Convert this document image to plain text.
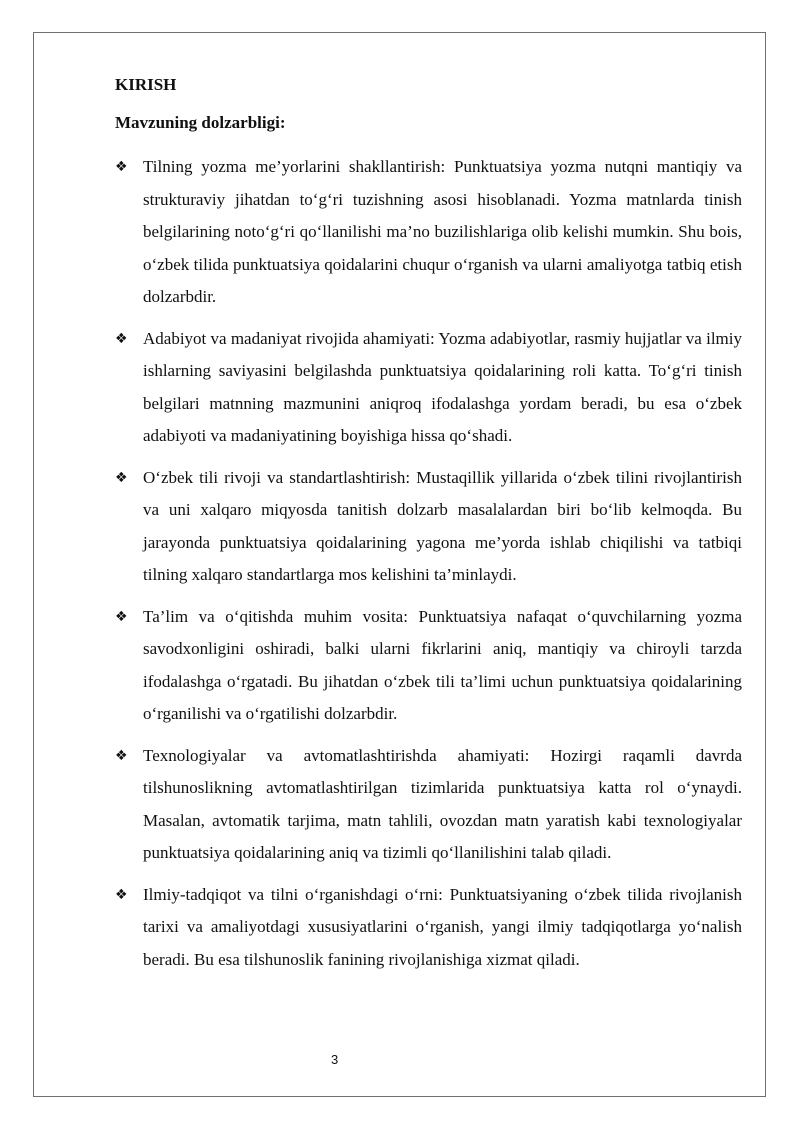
KIRISH

Mavzuning dolzarbligi:

❖ Tilning yozma me’yorlarini shakllantirish: Punktuatsiya yozma nutqni mantiqiy va strukturaviy jihatdan to‘g‘ri tuzishning asosi hisoblanadi. Yozma matnlarda tinish belgilarining noto‘g‘ri qo‘llanilishi ma’no buzilishlariga olib kelishi mumkin. Shu bois, o‘zbek tilida punktuatsiya qoidalarini chuqur o‘rganish va ularni amaliyotga tatbiq etish dolzarbdir.
❖ Adabiyot va madaniyat rivojida ahamiyati: Yozma adabiyotlar, rasmiy hujjatlar va ilmiy ishlarning saviyasini belgilashda punktuatsiya qoidalarining roli katta. To‘g‘ri tinish belgilari matnning mazmunini aniqroq ifodalashga yordam beradi, bu esa o‘zbek adabiyoti va madaniyatining boyishiga hissa qo‘shadi.
❖ O‘zbek tili rivoji va standartlashtirish: Mustaqillik yillarida o‘zbek tilini rivojlantirish va uni xalqaro miqyosda tanitish dolzarb masalalardan biri bo‘lib kelmoqda. Bu jarayonda punktuatsiya qoidalarining yagona me’yorda ishlab chiqilishi va tatbiqi tilning xalqaro standartlarga mos kelishini ta’minlaydi.
❖ Ta’lim va o‘qitishda muhim vosita: Punktuatsiya nafaqat o‘quvchilarning yozma savodxonligini oshiradi, balki ularni fikrlarini aniq, mantiqiy va chiroyli tarzda ifodalashga o‘rgatadi. Bu jihatdan o‘zbek tili ta’limi uchun punktuatsiya qoidalarining o‘rganilishi va o‘rgatilishi dolzarbdir.
❖ Texnologiyalar va avtomatlashtirishda ahamiyati: Hozirgi raqamli davrda tilshunoslikning avtomatlashtirilgan tizimlarida punktuatsiya katta rol o‘ynaydi. Masalan, avtomatik tarjima, matn tahlili, ovozdan matn yaratish kabi texnologiyalar punktuatsiya qoidalarining aniq va tizimli qo‘llanilishini talab qiladi.
❖ Ilmiy-tadqiqot va tilni o‘rganishdagi o‘rni: Punktuatsiyaning o‘zbek tilida rivojlanish tarixi va amaliyotdagi xususiyatlarini o‘rganish, yangi ilmiy tadqiqotlarga yo‘nalish beradi. Bu esa tilshunoslik fanining rivojlanishiga xizmat qiladi.
3
